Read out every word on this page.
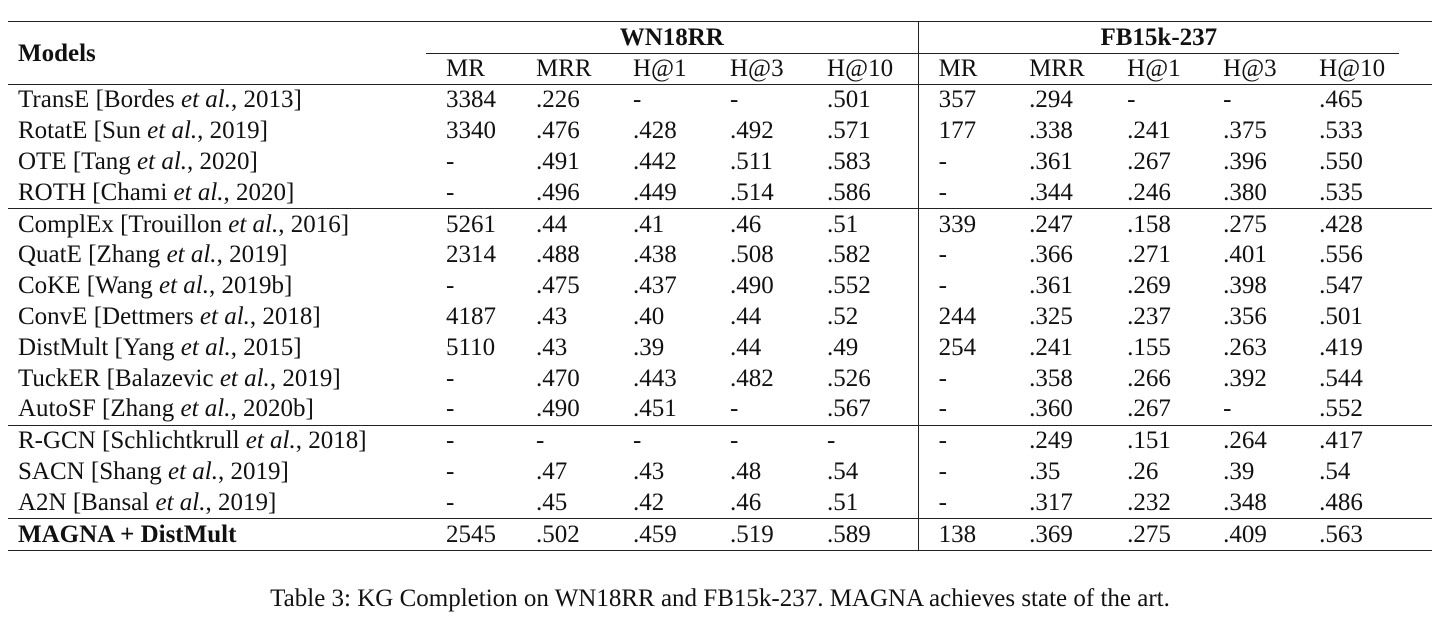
Models	WN18RR					FB15k-237					
	MR	MRR	H@1	H@3	H@10	MR	MRR	H@1	H@3	H@10	
TransE [Bordes et al., 2013]	3384	.226	-	-	.501	357	.294	-	-	.465	
RotatE [Sun et al., 2019]	3340	.476	.428	.492	.571	177	.338	.241	.375	.533	
OTE [Tang et al., 2020]	-	.491	.442	.511	.583	-	.361	.267	.396	.550	
ROTH [Chami et al., 2020]	-	.496	.449	.514	.586	-	.344	.246	.380	.535	
ComplEx [Trouillon et al., 2016]	5261	.44	.41	.46	.51	339	.247	.158	.275	.428	
QuatE [Zhang et al., 2019]	2314	.488	.438	.508	.582	-	.366	.271	.401	.556	
CoKE [Wang et al., 2019b]	-	.475	.437	.490	.552	-	.361	.269	.398	.547	
ConvE [Dettmers et al., 2018]	4187	.43	.40	.44	.52	244	.325	.237	.356	.501	
DistMult [Yang et al., 2015]	5110	.43	.39	.44	.49	254	.241	.155	.263	.419	
TuckER [Balazevic et al., 2019]	-	.470	.443	.482	.526	-	.358	.266	.392	.544	
AutoSF [Zhang et al., 2020b]	-	.490	.451	-	.567	-	.360	.267	-	.552	
R-GCN [Schlichtkrull et al., 2018]	-	-	-	-	-	-	.249	.151	.264	.417	
SACN [Shang et al., 2019]	-	.47	.43	.48	.54	-	.35	.26	.39	.54	
A2N [Bansal et al., 2019]	-	.45	.42	.46	.51	-	.317	.232	.348	.486	
MAGNA + DistMult	2545	.502	.459	.519	.589	138	.369	.275	.409	.563	
Table 3: KG Completion on WN18RR and FB15k-237. MAGNA achieves state of the art.
